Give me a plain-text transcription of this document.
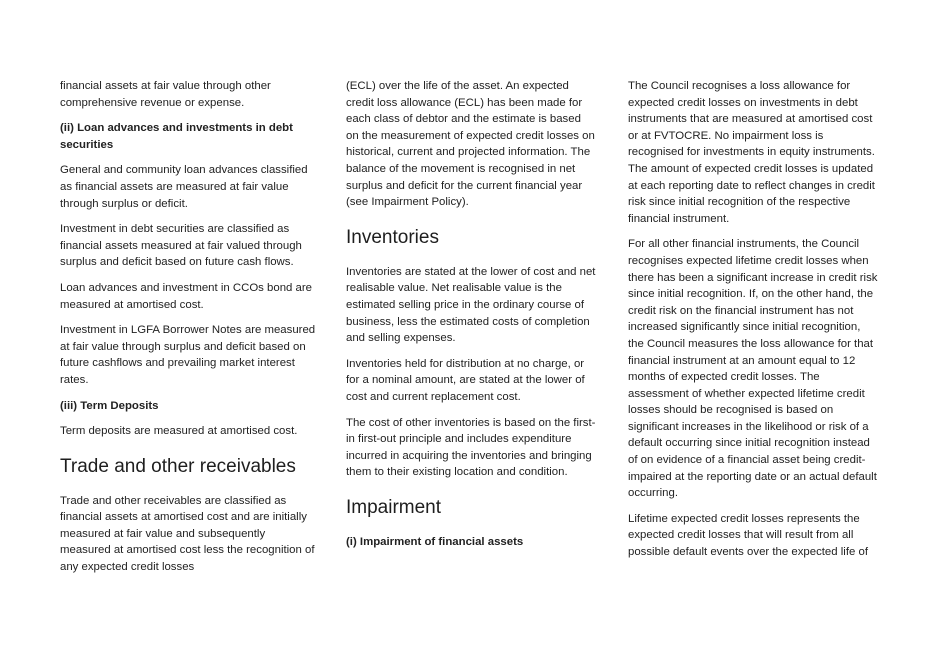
financial assets at fair value through other comprehensive revenue or expense.

(ii) Loan advances and investments in debt securities

General and community loan advances classified as financial assets are measured at fair value through surplus or deficit.

Investment in debt securities are classified as financial assets measured at fair valued through surplus and deficit based on future cash flows.

Loan advances and investment in CCOs bond are measured at amortised cost.

Investment in LGFA Borrower Notes are measured at fair value through surplus and deficit based on future cashflows and prevailing market interest rates.

(iii) Term Deposits

Term deposits are measured at amortised cost.

Trade and other receivables

Trade and other receivables are classified as financial assets at amortised cost and are initially measured at fair value and subsequently measured at amortised cost less the recognition of any expected credit losses

(ECL) over the life of the asset. An expected credit loss allowance (ECL) has been made for each class of debtor and the estimate is based on the measurement of expected credit losses on historical, current and projected information. The balance of the movement is recognised in net surplus and deficit for the current financial year (see Impairment Policy).

Inventories

Inventories are stated at the lower of cost and net realisable value. Net realisable value is the estimated selling price in the ordinary course of business, less the estimated costs of completion and selling expenses.

Inventories held for distribution at no charge, or for a nominal amount, are stated at the lower of cost and current replacement cost.

The cost of other inventories is based on the first-in first-out principle and includes expenditure incurred in acquiring the inventories and bringing them to their existing location and condition.

Impairment
(i) Impairment of financial assets

The Council recognises a loss allowance for expected credit losses on investments in debt instruments that are measured at amortised cost or at FVTOCRE. No impairment loss is recognised for investments in equity instruments. The amount of expected credit losses is updated at each reporting date to reflect changes in credit risk since initial recognition of the respective financial instrument.

For all other financial instruments, the Council recognises expected lifetime credit losses when there has been a significant increase in credit risk since initial recognition. If, on the other hand, the credit risk on the financial instrument has not increased significantly since initial recognition, the Council measures the loss allowance for that financial instrument at an amount equal to 12 months of expected credit losses. The assessment of whether expected lifetime credit losses should be recognised is based on significant increases in the likelihood or risk of a default occurring since initial recognition instead of on evidence of a financial asset being credit-impaired at the reporting date or an actual default occurring.

Lifetime expected credit losses represents the expected credit losses that will result from all possible default events over the expected life of
